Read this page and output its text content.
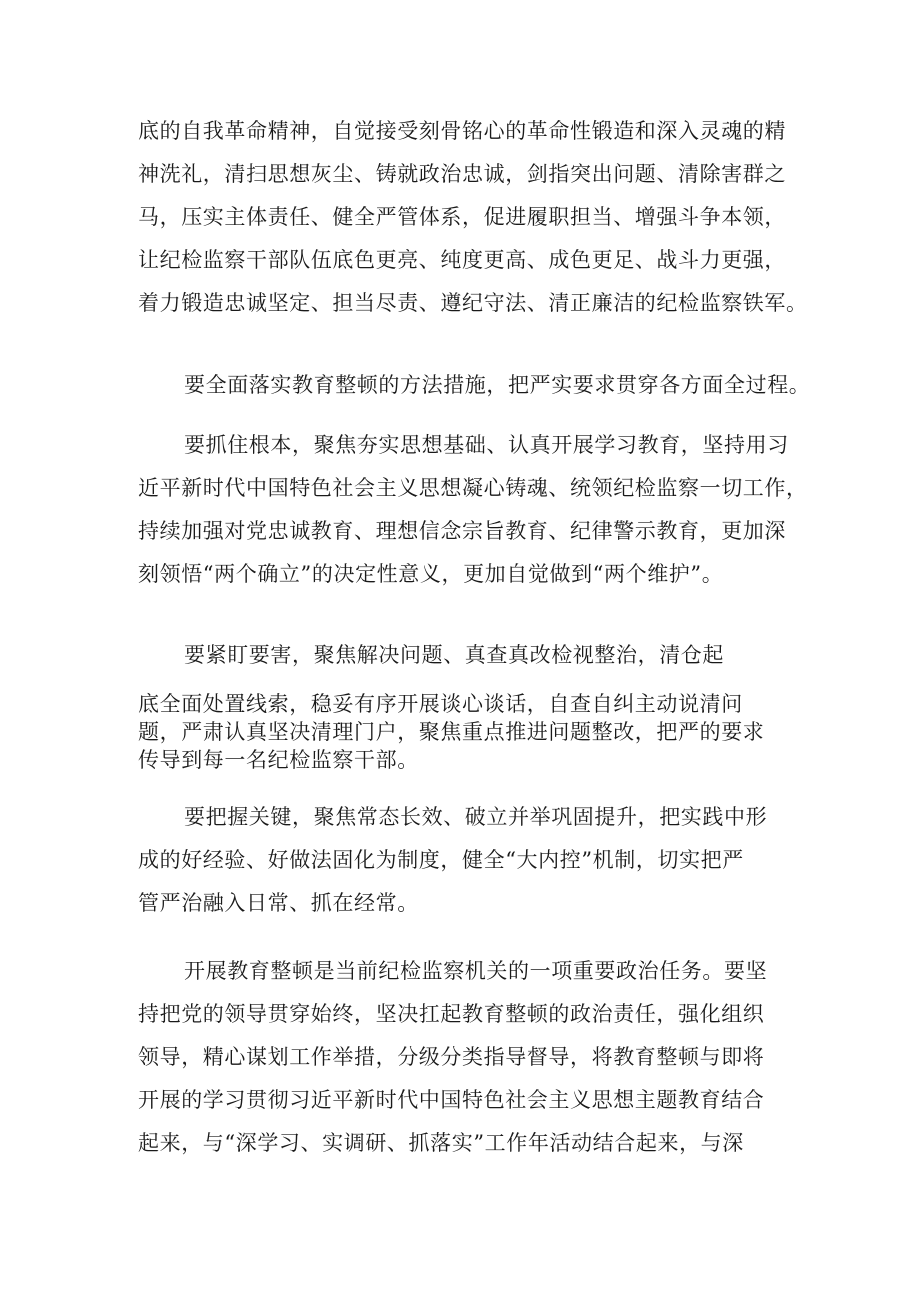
底的自我革命精神，自觉接受刻骨铭心的革命性锻造和深入灵魂的精
神洗礼，清扫思想灰尘、铸就政治忠诚，剑指突出问题、清除害群之
马，压实主体责任、健全严管体系，促进履职担当、增强斗争本领，
让纪检监察干部队伍底色更亮、纯度更高、成色更足、战斗力更强，
着力锻造忠诚坚定、担当尽责、遵纪守法、清正廉洁的纪检监察铁军。

要全面落实教育整顿的方法措施，把严实要求贯穿各方面全过程。

要抓住根本，聚焦夯实思想基础、认真开展学习教育，坚持用习
近平新时代中国特色社会主义思想凝心铸魂、统领纪检监察一切工作，
持续加强对党忠诚教育、理想信念宗旨教育、纪律警示教育，更加深
刻领悟“两个确立”的决定性意义，更加自觉做到“两个维护”。

要紧盯要害，聚焦解决问题、真查真改检视整治，清仓起

底全面处置线索，稳妥有序开展谈心谈话，自查自纠主动说清问
题，严肃认真坚决清理门户，聚焦重点推进问题整改，把严的要求
传导到每一名纪检监察干部。

要把握关键，聚焦常态长效、破立并举巩固提升，把实践中形
成的好经验、好做法固化为制度，健全“大内控”机制，切实把严
管严治融入日常、抓在经常。

开展教育整顿是当前纪检监察机关的一项重要政治任务。要坚
持把党的领导贯穿始终，坚决扛起教育整顿的政治责任，强化组织
领导，精心谋划工作举措，分级分类指导督导，将教育整顿与即将
开展的学习贯彻习近平新时代中国特色社会主义思想主题教育结合
起来，与“深学习、实调研、抓落实”工作年活动结合起来，与深
